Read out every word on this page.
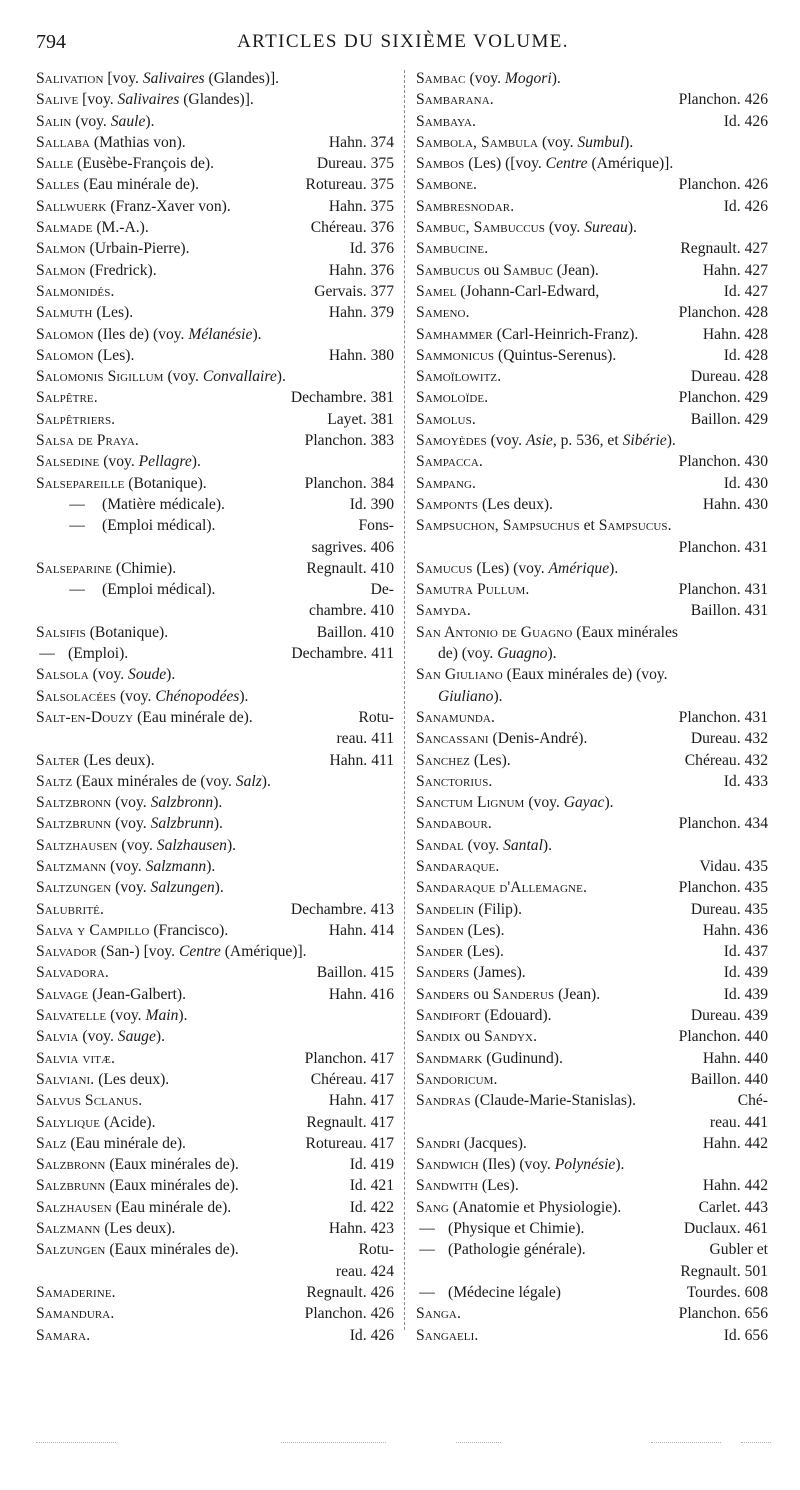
794	ARTICLES DU SIXIÈME VOLUME.
Salivation [voy. Salivaires (Glandes)].
Salive [voy. Salivaires (Glandes)].
Salin (voy. Saule ).
Sallaba (Mathias von).	Hahn. 374
Salle (Eusèbe-François de).	Dureau. 375
Salles (Eau minérale de).	Rotureau. 375
Sallwuerk (Franz-Xaver von).	Hahn. 375
Salmade (M.-A.).	Chéreau. 376
Salmon (Urbain-Pierre).	Id. 376
Salmon (Fredrick).	Hahn. 376
Salmonidés.	Gervais. 377
Salmuth (Les).	Hahn. 379
Salomon (Iles de) (voy. Mélanésie ).
Salomon (Les).	Hahn. 380
Salomonis Sigillum (voy. Convallaire ).
Salpêtre.	Dechambre. 381
Salpêtriers.	Layet. 381
Salsa de Praya.	Planchon. 383
Salsedine (voy. Pellagre ).
Salsepareille (Botanique).	Planchon. 384
—	(Matière médicale).	Id. 390
—	(Emploi médical).	Fons-
sagrives. 406
Salseparine (Chimie).	Regnault. 410
—	(Emploi médical).	De-
chambre. 410
Salsifis (Botanique).	Baillon. 410
— (Emploi).	Dechambre. 411
Salsola (voy. Soude ).
Salsolacées (voy. Chénopodées ).
Salt-en-Douzy (Eau minérale de).	Rotu-
reau. 411
Salter (Les deux).	Hahn. 411
Saltz (Eaux minérales de (voy. Salz ).
Saltzbronn (voy. Salzbronn ).
Saltzbrunn (voy. Salzbrunn ).
Saltzhausen (voy. Salzhausen ).
Saltzmann (voy. Salzmann ).
Saltzungen (voy. Salzungen ).
Salubrité.	Dechambre. 413
Salva y Campillo (Francisco).	Hahn. 414
Salvador (San-) [voy. Centre (Amérique)].
Salvadora.	Baillon. 415
Salvage (Jean-Galbert).	Hahn. 416
Salvatelle (voy. Main ).
Salvia (voy. Sauge ).
Salvia vitæ.	Planchon. 417
Salviani. (Les deux).	Chéreau. 417
Salvus Sclanus.	Hahn. 417
Salylique (Acide).	Regnault. 417
Salz (Eau minérale de).	Rotureau. 417
Salzbronn (Eaux minérales de).	Id. 419
Salzbrunn (Eaux minérales de).	Id. 421
Salzhausen (Eau minérale de).	Id. 422
Salzmann (Les deux).	Hahn. 423
Salzungen (Eaux minérales de).	Rotu-
reau. 424
Samaderine.	Regnault. 426
Samandura.	Planchon. 426
Samara.	Id. 426
Sambac (voy. Mogori ).
Sambarana.	Planchon. 426
Sambaya.	Id. 426
Sambola, Sambula (voy. Sumbul ).
Sambos (Les) ([voy. Centre (Amérique)].
Sambone.	Planchon. 426
Sambresnodar.	Id. 426
Sambuc, Sambuccus (voy. Sureau ).
Sambucine.	Regnault. 427
Sambucus ou Sambuc (Jean).	Hahn. 427
Samel (Johann-Carl-Edward,	Id. 427
Sameno.	Planchon. 428
Samhammer (Carl-Heinrich-Franz).	Hahn. 428
Sammonicus (Quintus-Serenus).	Id. 428
Samoïlowitz.	Dureau. 428
Samoloïde.	Planchon. 429
Samolus.	Baillon. 429
Samoyèdes (voy. Asie , p. 536, et Sibérie ).
Sampacca.	Planchon. 430
Sampang.	Id. 430
Samponts (Les deux).	Hahn. 430
Sampsuchon, Sampsuchus et Sampsucus.
Planchon. 431
Samucus (Les) (voy. Amérique ).
Samutra Pullum.	Planchon. 431
Samyda.	Baillon. 431
San Antonio de Guagno (Eaux minérales
de) (voy. Guagno ).
San Giuliano (Eaux minérales de) (voy.
Giuliano ).
Sanamunda.	Planchon. 431
Sancassani (Denis-André).	Dureau. 432
Sanchez (Les).	Chéreau. 432
Sanctorius.	Id. 433
Sanctum Lignum (voy. Gayac ).
Sandabour.	Planchon. 434
Sandal (voy. Santal ).
Sandaraque.	Vidau. 435
Sandaraque d'Allemagne.	Planchon. 435
Sandelin (Filip).	Dureau. 435
Sanden (Les).	Hahn. 436
Sander (Les).	Id. 437
Sanders (James).	Id. 439
Sanders ou Sanderus (Jean).	Id. 439
Sandifort (Edouard).	Dureau. 439
Sandix ou Sandyx.	Planchon. 440
Sandmark (Gudinund).	Hahn. 440
Sandoricum.	Baillon. 440
Sandras (Claude-Marie-Stanislas).	Ché-
reau. 441
Sandri (Jacques).	Hahn. 442
Sandwich (Iles) (voy. Polynésie ).
Sandwith (Les).	Hahn. 442
Sang (Anatomie et Physiologie).	Carlet. 443
— (Physique et Chimie).	Duclaux. 461
— (Pathologie générale).	Gubler et
Regnault. 501
— (Médecine légale)	Tourdes. 608
Sanga.	Planchon. 656
Sangaeli.	Id. 656
